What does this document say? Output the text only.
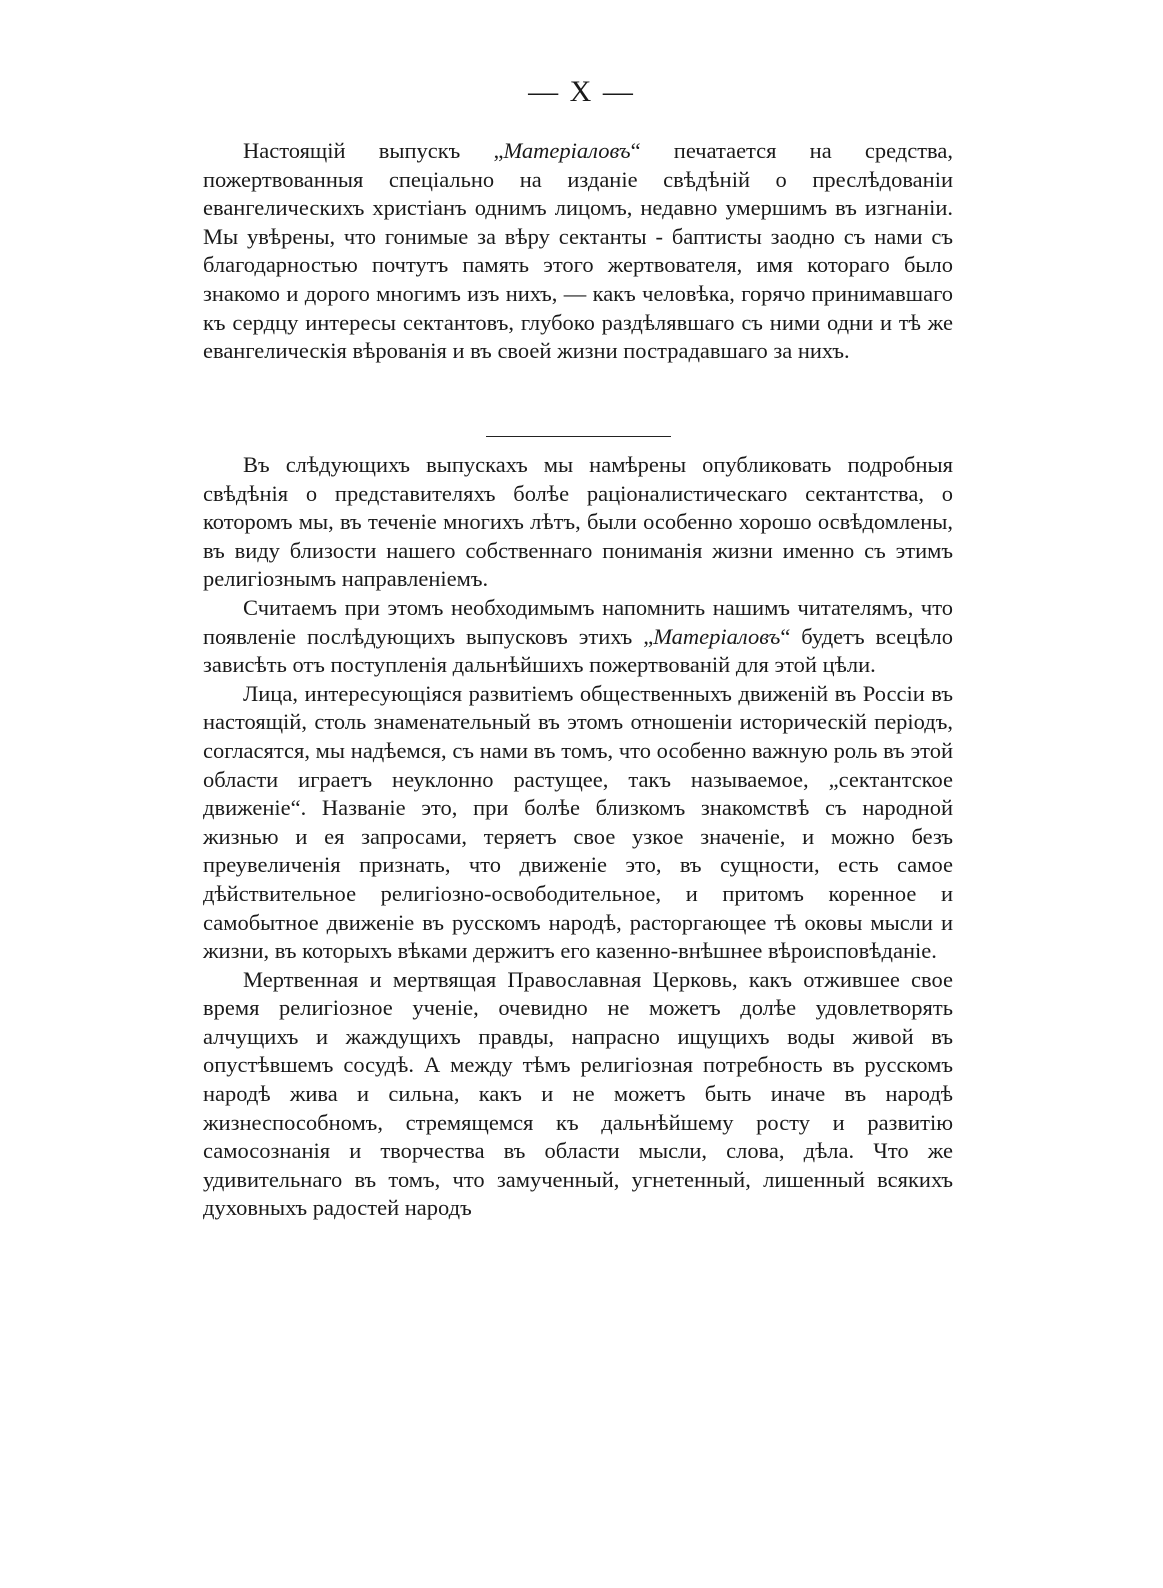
— X —

Настоящій выпускъ „Матеріаловъ“ печатается на средства, пожертвованныя спеціально на изданіе свѣдѣній о преслѣдованіи евангелическихъ христіанъ однимъ лицомъ, недавно умершимъ въ изгнаніи. Мы увѣрены, что гонимые за вѣру сектанты - баптисты заодно съ нами съ благодарностью почтутъ память этого жертвователя, имя котораго было знакомо и дорого многимъ изъ нихъ, — какъ человѣка, горячо принимавшаго къ сердцу интересы сектантовъ, глубоко раздѣлявшаго съ ними одни и тѣ же евангелическія вѣрованія и въ своей жизни пострадавшаго за нихъ.

Въ слѣдующихъ выпускахъ мы намѣрены опубликовать подробныя свѣдѣнія о представителяхъ болѣе раціоналистическаго сектантства, о которомъ мы, въ теченіе многихъ лѣтъ, были особенно хорошо освѣдомлены, въ виду близости нашего собственнаго пониманія жизни именно съ этимъ религіознымъ направленіемъ.

Считаемъ при этомъ необходимымъ напомнить нашимъ читателямъ, что появленіе послѣдующихъ выпусковъ этихъ „Матеріаловъ“ будетъ всецѣло зависѣть отъ поступленія дальнѣйшихъ пожертвованій для этой цѣли.

Лица, интересующіяся развитіемъ общественныхъ движеній въ Россіи въ настоящій, столь знаменательный въ этомъ отношеніи историческій періодъ, согласятся, мы надѣемся, съ нами въ томъ, что особенно важную роль въ этой области играетъ неуклонно растущее, такъ называемое, „сектантское движеніе“. Названіе это, при болѣе близкомъ знакомствѣ съ народной жизнью и ея запросами, теряетъ свое узкое значеніе, и можно безъ преувеличенія признать, что движеніе это, въ сущности, есть самое дѣйствительное религіозно-освободительное, и притомъ коренное и самобытное движеніе въ русскомъ народѣ, расторгающее тѣ оковы мысли и жизни, въ которыхъ вѣками держитъ его казенно-внѣшнее вѣроисповѣданіе.

Мертвенная и мертвящая Православная Церковь, какъ отжившее свое время религіозное ученіе, очевидно не можетъ долѣе удовлетворять алчущихъ и жаждущихъ правды, напрасно ищущихъ воды живой въ опустѣвшемъ сосудѣ. А между тѣмъ религіозная потребность въ русскомъ народѣ жива и сильна, какъ и не можетъ быть иначе въ народѣ жизнеспособномъ, стремящемся къ дальнѣйшему росту и развитію самосознанія и творчества въ области мысли, слова, дѣла. Что же удивительнаго въ томъ, что замученный, угнетенный, лишенный всякихъ духовныхъ радостей народъ
